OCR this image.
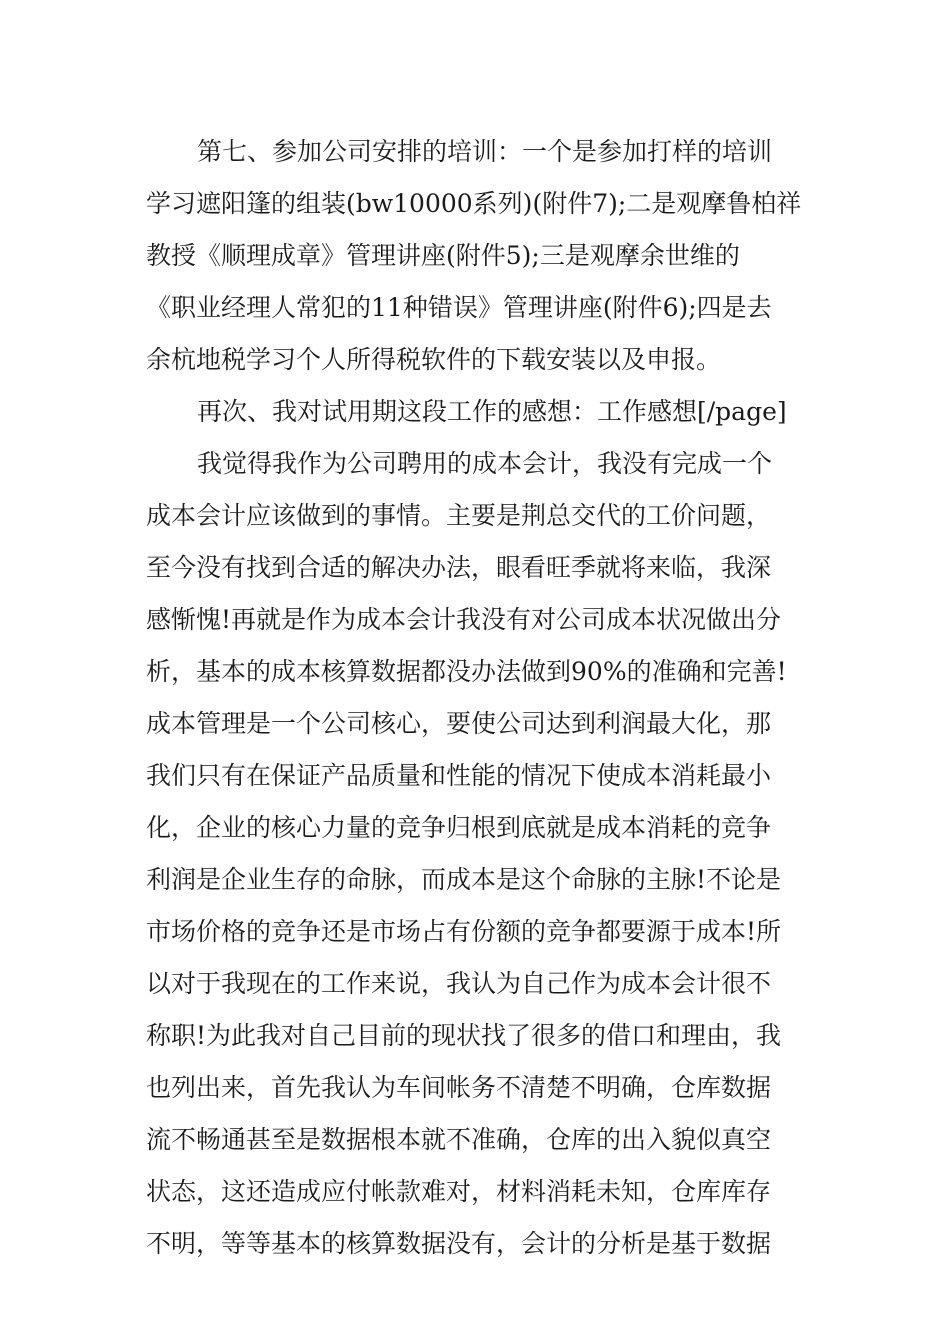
第七、参加公司安排的培训：一个是参加打样的培训
学习遮阳篷的组装(bw10000系列)(附件7);二是观摩鲁柏祥
教授《顺理成章》管理讲座(附件5);三是观摩余世维的
《职业经理人常犯的11种错误》管理讲座(附件6);四是去
余杭地税学习个人所得税软件的下载安装以及申报。
再次、我对试用期这段工作的感想：工作感想[/page]
我觉得我作为公司聘用的成本会计，我没有完成一个
成本会计应该做到的事情。主要是荆总交代的工价问题，
至今没有找到合适的解决办法，眼看旺季就将来临，我深
感惭愧!再就是作为成本会计我没有对公司成本状况做出分
析，基本的成本核算数据都没办法做到90%的准确和完善!
成本管理是一个公司核心，要使公司达到利润最大化，那
我们只有在保证产品质量和性能的情况下使成本消耗最小
化，企业的核心力量的竞争归根到底就是成本消耗的竞争
利润是企业生存的命脉，而成本是这个命脉的主脉!不论是
市场价格的竞争还是市场占有份额的竞争都要源于成本!所
以对于我现在的工作来说，我认为自己作为成本会计很不
称职!为此我对自己目前的现状找了很多的借口和理由，我
也列出来，首先我认为车间帐务不清楚不明确，仓库数据
流不畅通甚至是数据根本就不准确，仓库的出入貌似真空
状态，这还造成应付帐款难对，材料消耗未知，仓库库存
不明，等等基本的核算数据没有，会计的分析是基于数据
